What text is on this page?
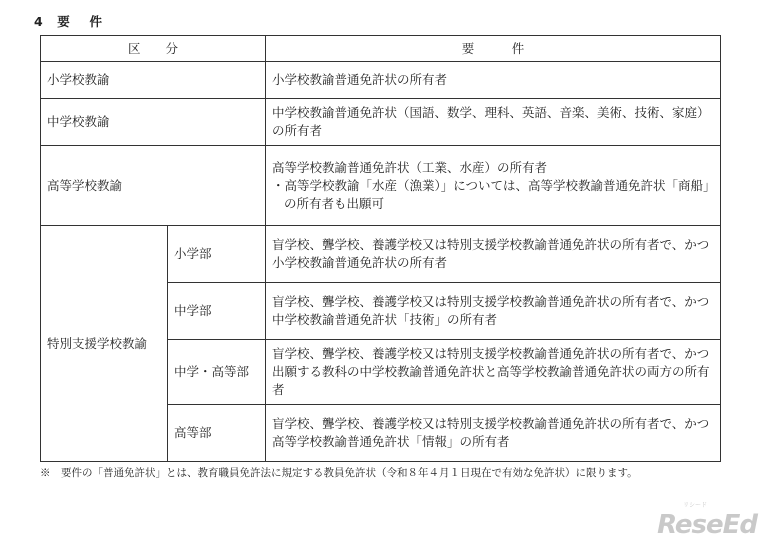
4　要　 件
区　　分		要　　　件
小学校教諭		小学校教諭普通免許状の所有者
中学校教諭		中学校教諭普通免許状（国語、数学、理科、英語、音楽、美術、技術、家庭）の所有者
高等学校教諭		高等学校教諭普通免許状（工業、水産）の所有者
・高等学校教諭「水産（漁業）」については、高等学校教諭普通免許状「商船」の所有者も出願可

特別支援学校教諭	小学部	盲学校、聾学校、養護学校又は特別支援学校教諭普通免許状の所有者で、かつ小学校教諭普通免許状の所有者
	中学部	盲学校、聾学校、養護学校又は特別支援学校教諭普通免許状の所有者で、かつ中学校教諭普通免許状「技術」の所有者
	中学・高等部	盲学校、聾学校、養護学校又は特別支援学校教諭普通免許状の所有者で、かつ出願する教科の中学校教諭普通免許状と高等学校教諭普通免許状の両方の所有者
	高等部	盲学校、聾学校、養護学校又は特別支援学校教諭普通免許状の所有者で、かつ高等学校教諭普通免許状「情報」の所有者
※　要件の「普通免許状」とは、教育職員免許法に規定する教員免許状（令和８年４月１日現在で有効な免許状）に限ります。
リシード
ReseEd
